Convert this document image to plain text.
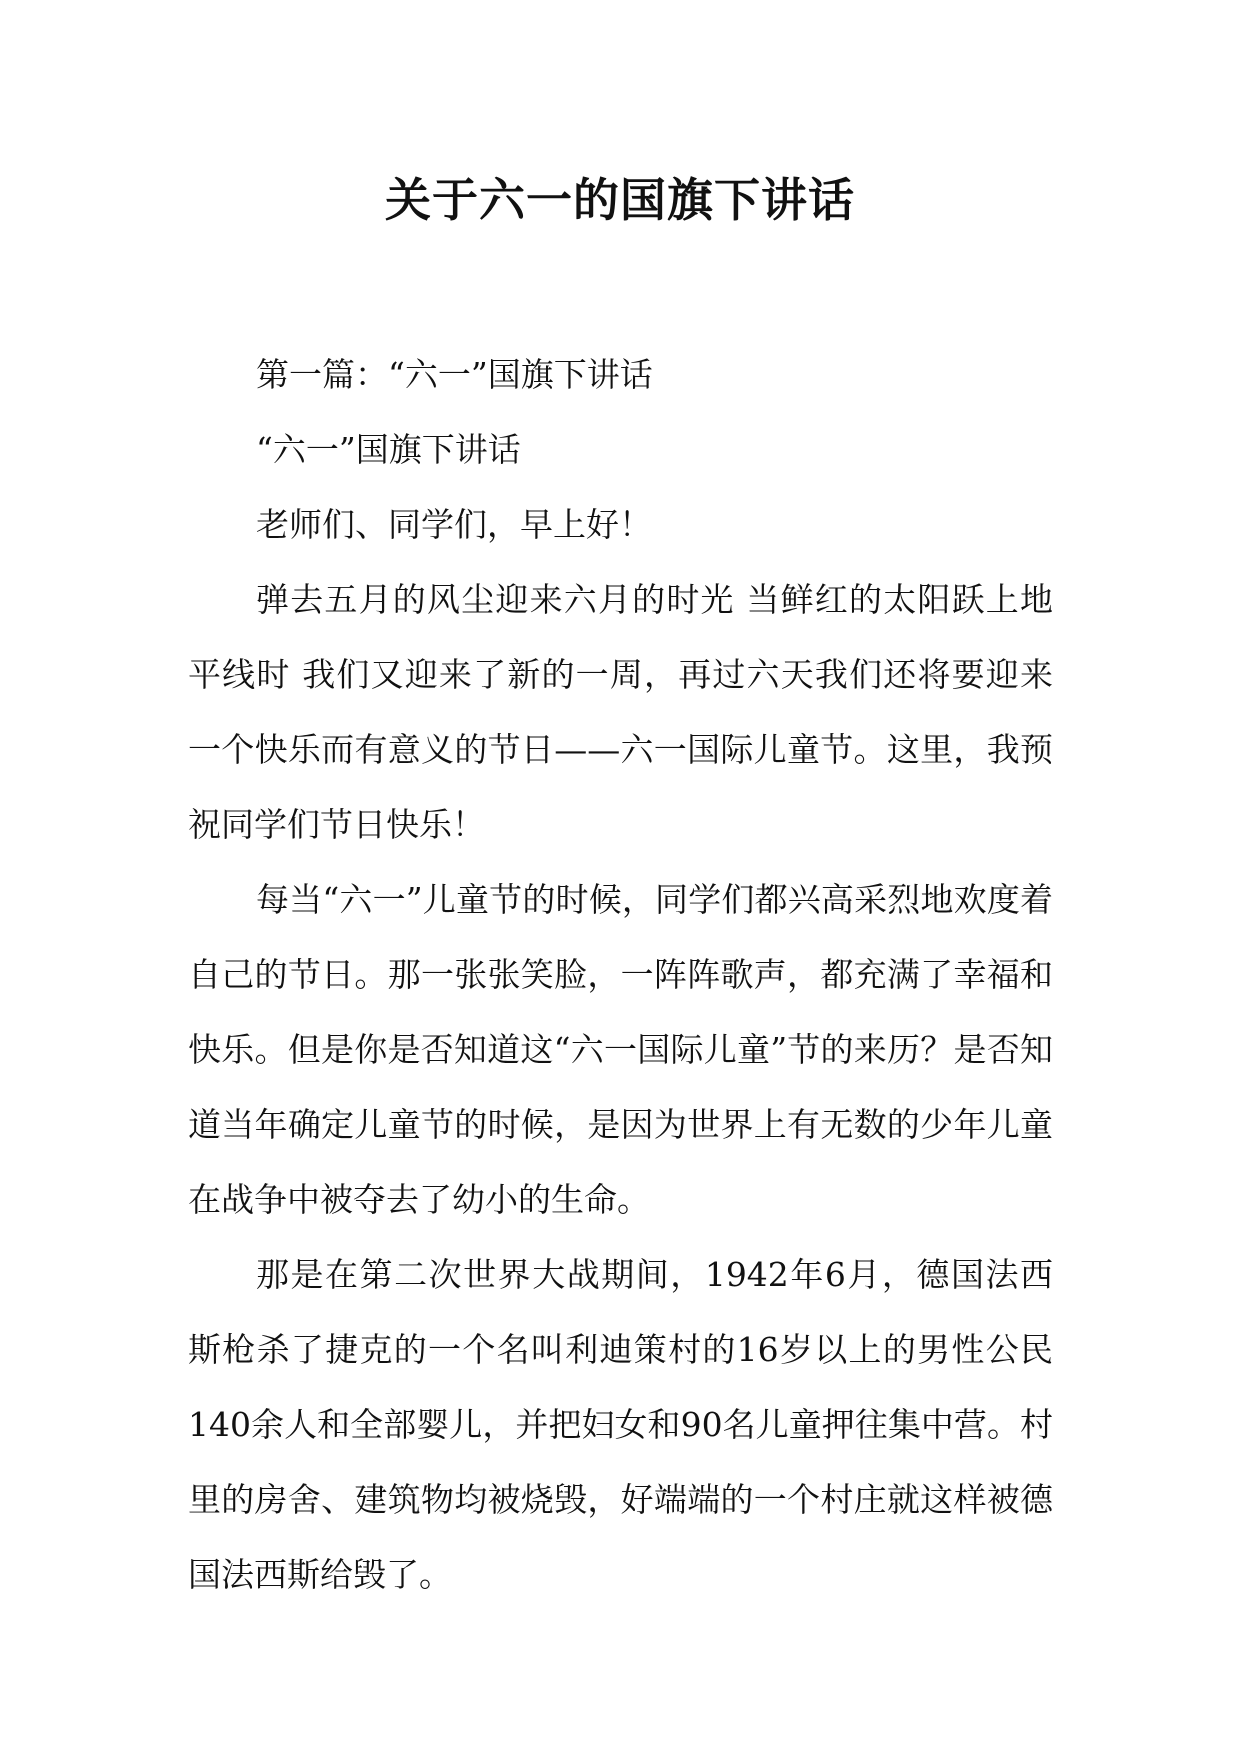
关于六一的国旗下讲话

第一篇：“六一”国旗下讲话

“六一”国旗下讲话

老师们、同学们，早上好！

弹去五月的风尘迎来六月的时光 当鲜红的太阳跃上地平线时 我们又迎来了新的一周，再过六天我们还将要迎来一个快乐而有意义的节日——六一国际儿童节。这里，我预祝同学们节日快乐！

每当“六一”儿童节的时候，同学们都兴高采烈地欢度着自己的节日。那一张张笑脸，一阵阵歌声，都充满了幸福和快乐。但是你是否知道这“六一国际儿童”节的来历？是否知道当年确定儿童节的时候，是因为世界上有无数的少年儿童在战争中被夺去了幼小的生命。

那是在第二次世界大战期间，1942年6月，德国法西斯枪杀了捷克的一个名叫利迪策村的16岁以上的男性公民140余人和全部婴儿，并把妇女和90名儿童押往集中营。村里的房舍、建筑物均被烧毁，好端端的一个村庄就这样被德国法西斯给毁了。
